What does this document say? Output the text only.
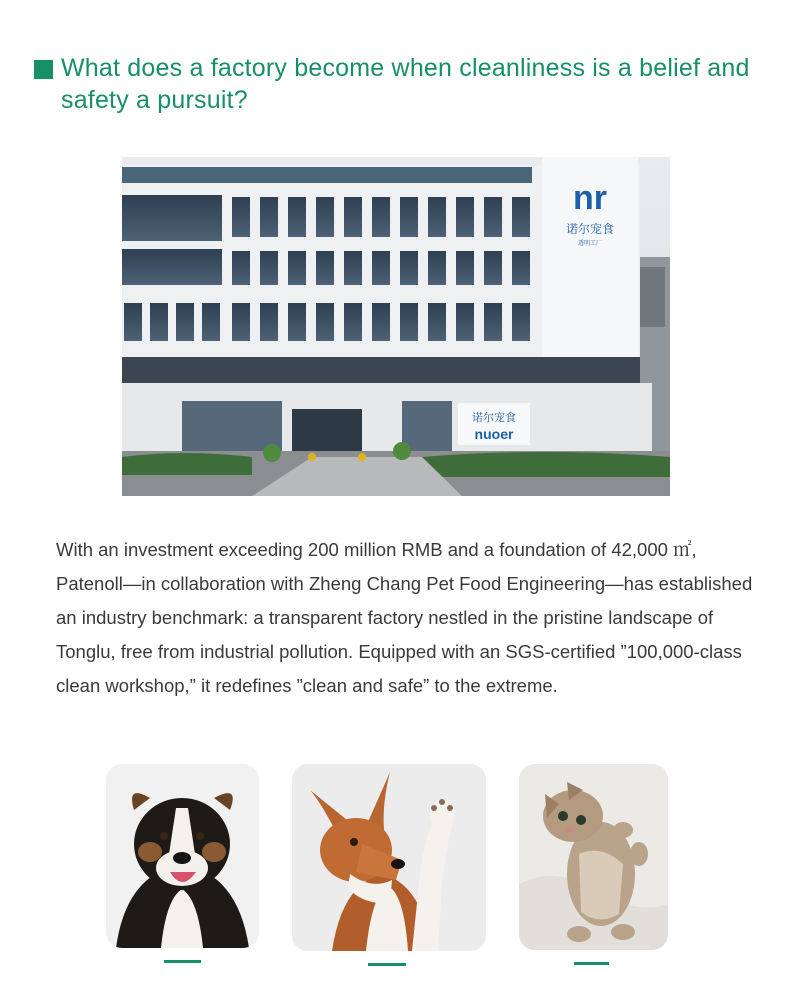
What does a factory become when cleanliness is a belief and safety a pursuit?
nr
诺尔宠食
透明工厂
诺尔宠食
nuoer

With an investment exceeding 200 million RMB and a foundation of 42,000 ㎡, Patenoll—in collaboration with Zheng Chang Pet Food Engineering—has established an industry benchmark: a transparent factory nestled in the pristine landscape of Tonglu, free from industrial pollution. Equipped with an SGS-certified ”100,000-class clean workshop,” it redefines ”clean and safe” to the extreme.
